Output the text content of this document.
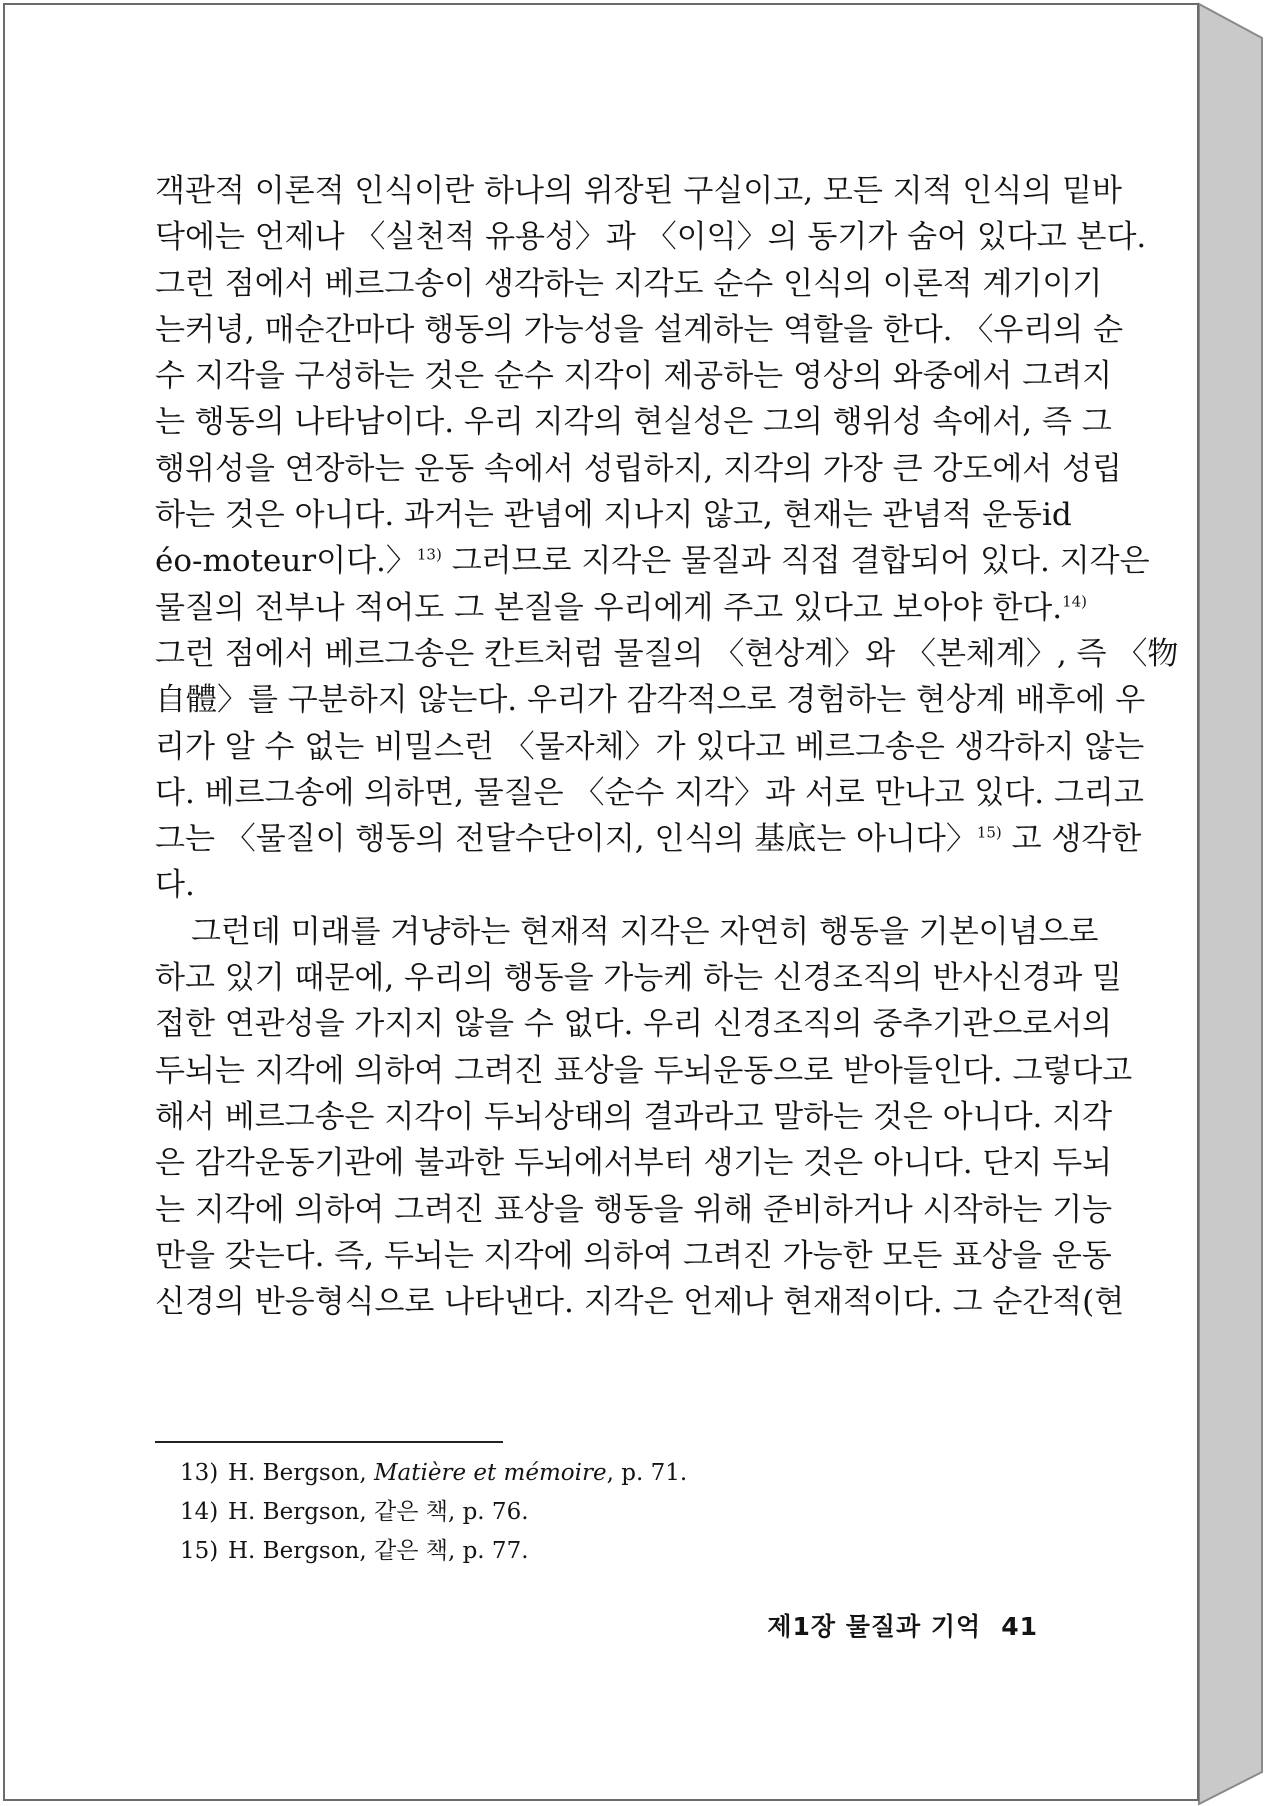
객관적 이론적 인식이란 하나의 위장된 구실이고, 모든 지적 인식의 밑바
닥에는 언제나 〈실천적 유용성〉과 〈이익〉의 동기가 숨어 있다고 본다.
그런 점에서 베르그송이 생각하는 지각도 순수 인식의 이론적 계기이기
는커녕, 매순간마다 행동의 가능성을 설계하는 역할을 한다. 〈우리의 순
수 지각을 구성하는 것은 순수 지각이 제공하는 영상의 와중에서 그려지
는 행동의 나타남이다. 우리 지각의 현실성은 그의 행위성 속에서, 즉 그
행위성을 연장하는 운동 속에서 성립하지, 지각의 가장 큰 강도에서 성립
하는 것은 아니다. 과거는 관념에 지나지 않고, 현재는 관념적 운동id
éo-moteur이다.〉$^{13)}$ 그러므로 지각은 물질과 직접 결합되어 있다. 지각은
물질의 전부나 적어도 그 본질을 우리에게 주고 있다고 보아야 한다.$^{14)}$
그런 점에서 베르그송은 칸트처럼 물질의 〈현상계〉와 〈본체계〉, 즉 〈物
自體〉를 구분하지 않는다. 우리가 감각적으로 경험하는 현상계 배후에 우
리가 알 수 없는 비밀스런 〈물자체〉가 있다고 베르그송은 생각하지 않는
다. 베르그송에 의하면, 물질은 〈순수 지각〉과 서로 만나고 있다. 그리고
그는 〈물질이 행동의 전달수단이지, 인식의 基底는 아니다〉$^{15)}$ 고 생각한
다.
그런데 미래를 겨냥하는 현재적 지각은 자연히 행동을 기본이념으로
하고 있기 때문에, 우리의 행동을 가능케 하는 신경조직의 반사신경과 밀
접한 연관성을 가지지 않을 수 없다. 우리 신경조직의 중추기관으로서의
두뇌는 지각에 의하여 그려진 표상을 두뇌운동으로 받아들인다. 그렇다고
해서 베르그송은 지각이 두뇌상태의 결과라고 말하는 것은 아니다. 지각
은 감각운동기관에 불과한 두뇌에서부터 생기는 것은 아니다. 단지 두뇌
는 지각에 의하여 그려진 표상을 행동을 위해 준비하거나 시작하는 기능
만을 갖는다. 즉, 두뇌는 지각에 의하여 그려진 가능한 모든 표상을 운동
신경의 반응형식으로 나타낸다. 지각은 언제나 현재적이다. 그 순간적(현
13) H. Bergson, Matière et mémoire, p. 71.
14) H. Bergson, 같은 책, p. 76.
15) H. Bergson, 같은 책, p. 77.
제1장 물질과 기억 41
